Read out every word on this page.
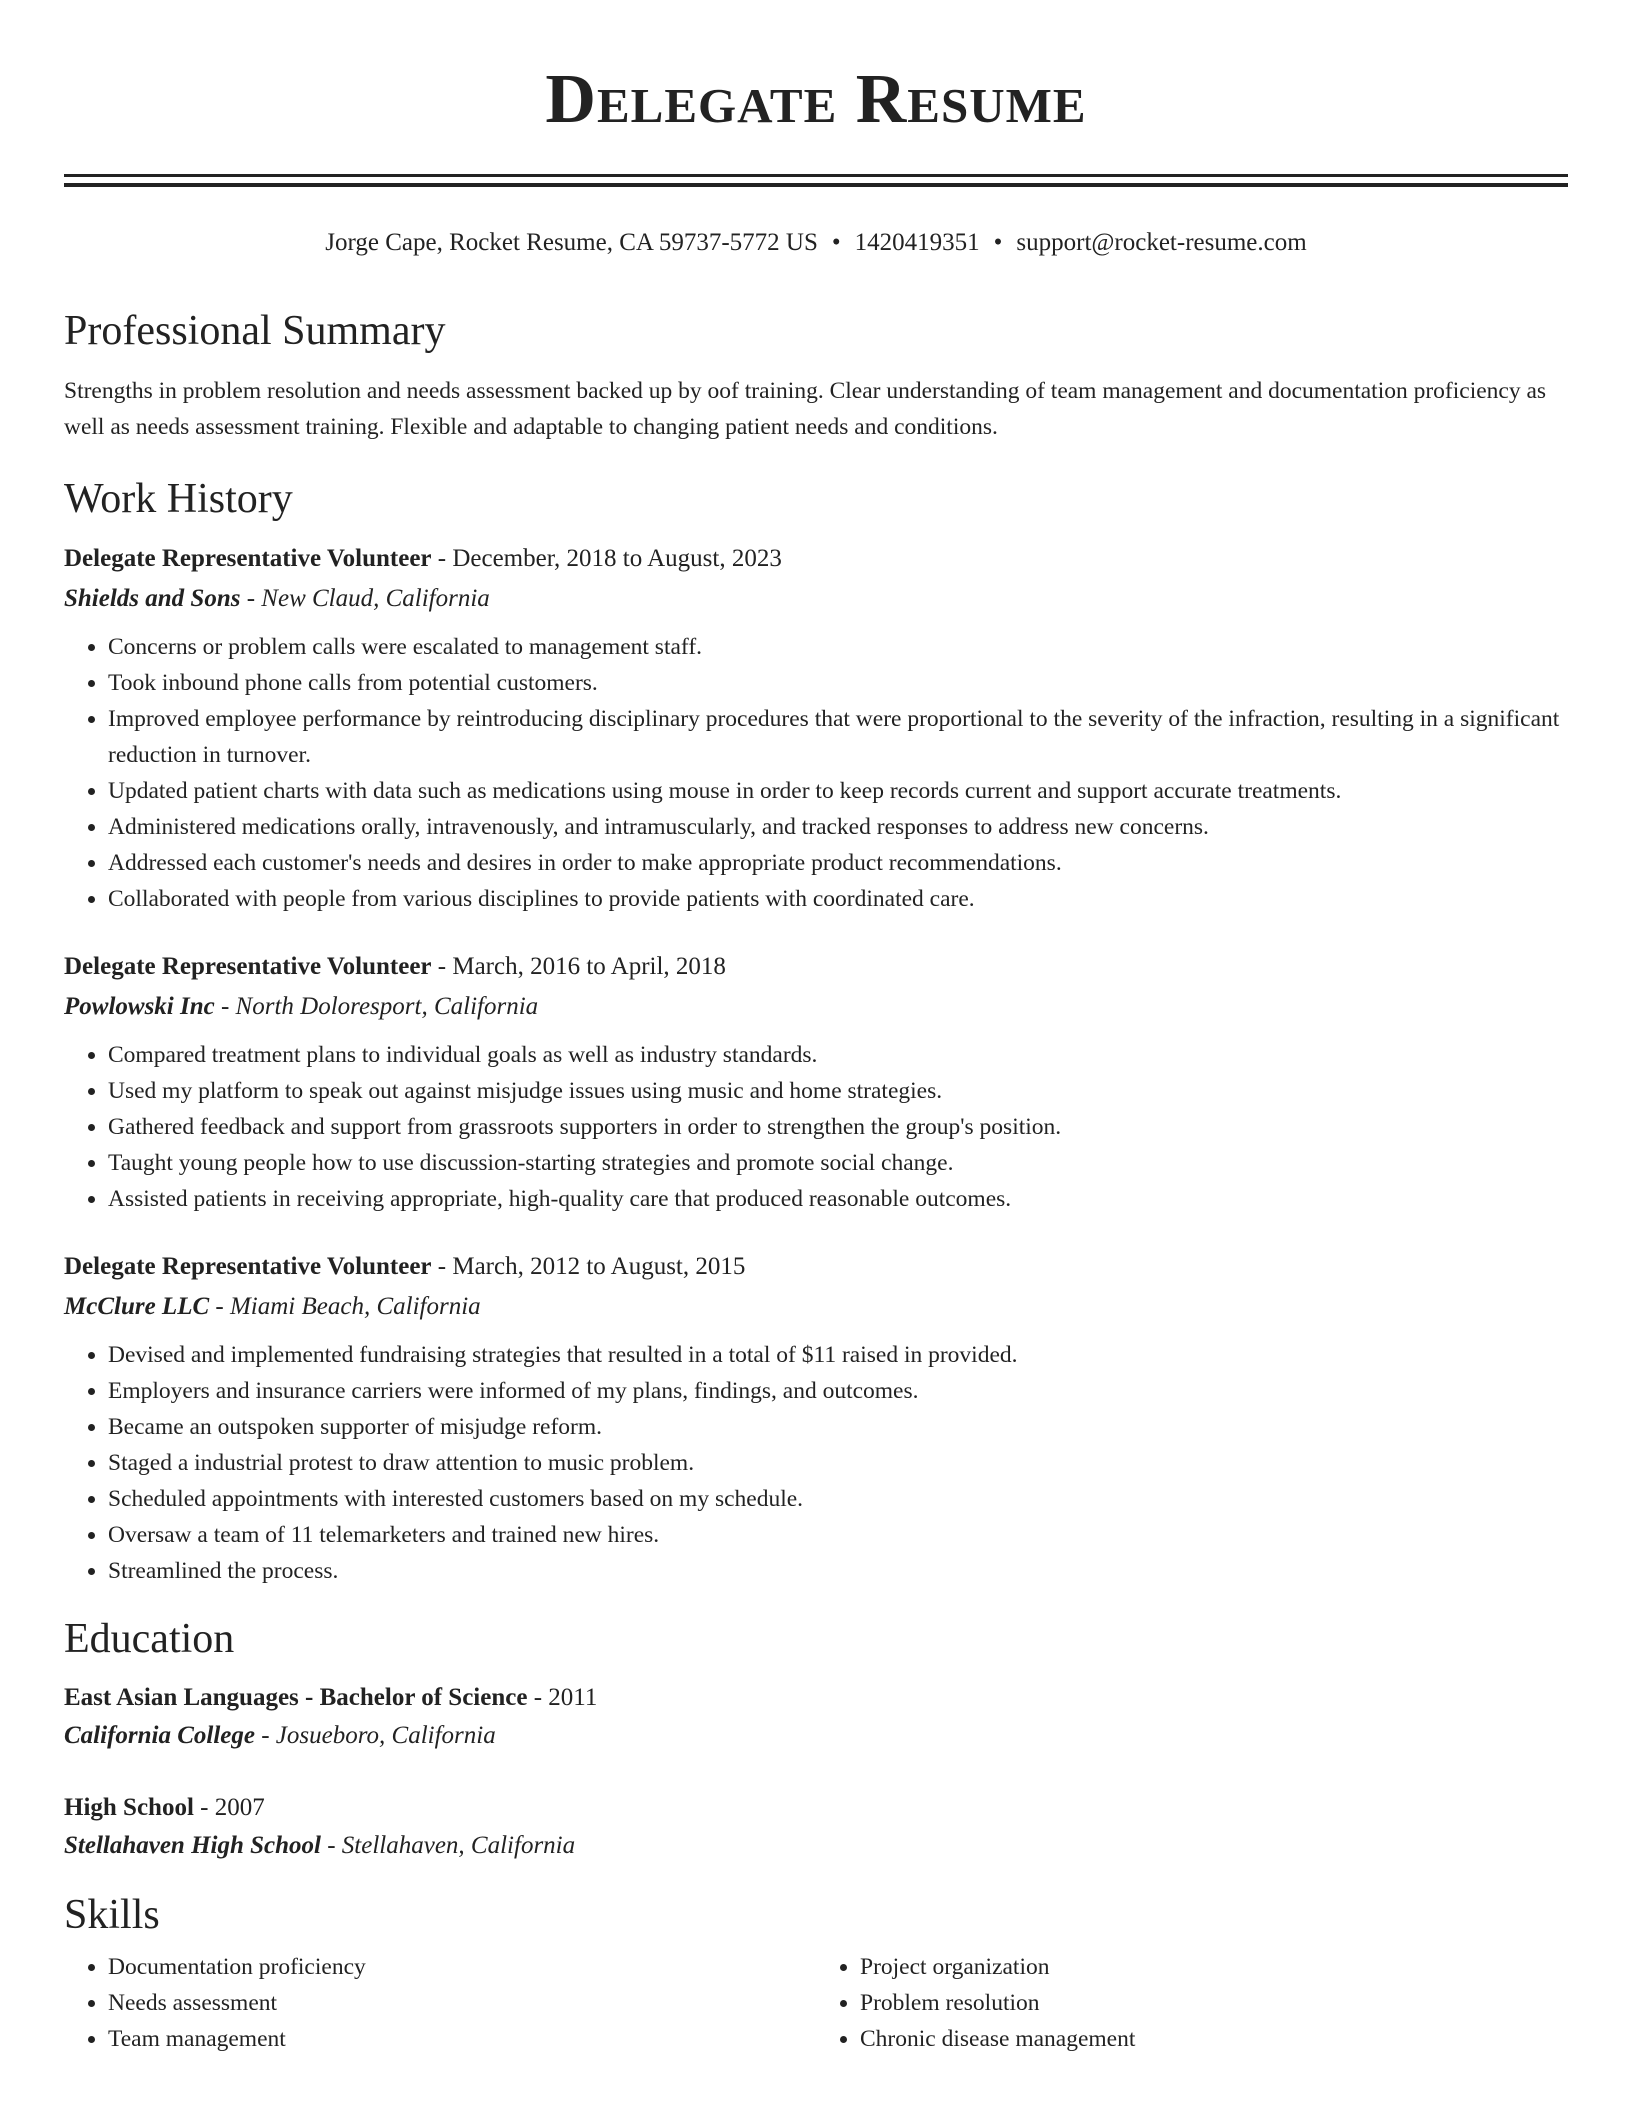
Delegate Resume
Jorge Cape, Rocket Resume, CA 59737-5772 US • 1420419351 • support@rocket-resume.com
Professional Summary
Strengths in problem resolution and needs assessment backed up by oof training. Clear understanding of team management and documentation proficiency as well as needs assessment training. Flexible and adaptable to changing patient needs and conditions.
Work History
Delegate Representative Volunteer - December, 2018 to August, 2023
Shields and Sons - New Claud, California
• Concerns or problem calls were escalated to management staff.
• Took inbound phone calls from potential customers.
• Improved employee performance by reintroducing disciplinary procedures that were proportional to the severity of the infraction, resulting in a significant reduction in turnover.
• Updated patient charts with data such as medications using mouse in order to keep records current and support accurate treatments.
• Administered medications orally, intravenously, and intramuscularly, and tracked responses to address new concerns.
• Addressed each customer's needs and desires in order to make appropriate product recommendations.
• Collaborated with people from various disciplines to provide patients with coordinated care.
Delegate Representative Volunteer - March, 2016 to April, 2018
Powlowski Inc - North Doloresport, California
• Compared treatment plans to individual goals as well as industry standards.
• Used my platform to speak out against misjudge issues using music and home strategies.
• Gathered feedback and support from grassroots supporters in order to strengthen the group's position.
• Taught young people how to use discussion-starting strategies and promote social change.
• Assisted patients in receiving appropriate, high-quality care that produced reasonable outcomes.
Delegate Representative Volunteer - March, 2012 to August, 2015
McClure LLC - Miami Beach, California
• Devised and implemented fundraising strategies that resulted in a total of $11 raised in provided.
• Employers and insurance carriers were informed of my plans, findings, and outcomes.
• Became an outspoken supporter of misjudge reform.
• Staged a industrial protest to draw attention to music problem.
• Scheduled appointments with interested customers based on my schedule.
• Oversaw a team of 11 telemarketers and trained new hires.
• Streamlined the process.
Education
East Asian Languages - Bachelor of Science - 2011
California College - Josueboro, California
High School - 2007
Stellahaven High School - Stellahaven, California
Skills
• Documentation proficiency
• Needs assessment
• Team management
• Project organization
• Problem resolution
• Chronic disease management
